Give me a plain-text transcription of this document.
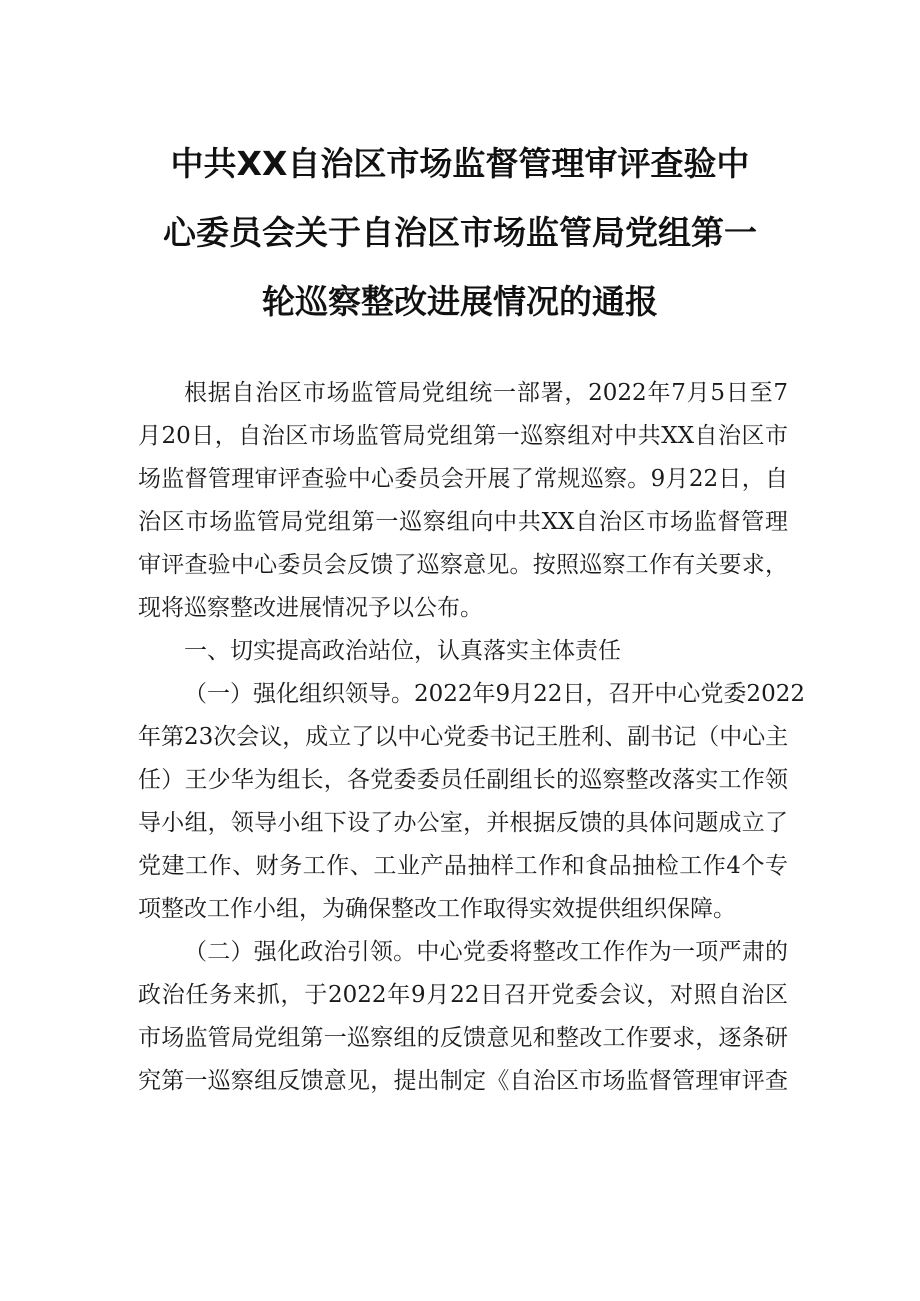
中共XX自治区市场监督管理审评查验中
心委员会关于自治区市场监管局党组第一
轮巡察整改进展情况的通报
根据自治区市场监管局党组统一部署，2022年7月5日至7
月20日，自治区市场监管局党组第一巡察组对中共XX自治区市
场监督管理审评查验中心委员会开展了常规巡察。9月22日，自
治区市场监管局党组第一巡察组向中共XX自治区市场监督管理
审评查验中心委员会反馈了巡察意见。按照巡察工作有关要求，
现将巡察整改进展情况予以公布。
一、切实提高政治站位，认真落实主体责任
（一）强化组织领导。2022年9月22日，召开中心党委2022
年第23次会议，成立了以中心党委书记王胜利、副书记（中心主
任）王少华为组长，各党委委员任副组长的巡察整改落实工作领
导小组，领导小组下设了办公室，并根据反馈的具体问题成立了
党建工作、财务工作、工业产品抽样工作和食品抽检工作4个专
项整改工作小组，为确保整改工作取得实效提供组织保障。
（二）强化政治引领。中心党委将整改工作作为一项严肃的
政治任务来抓，于2022年9月22日召开党委会议，对照自治区
市场监管局党组第一巡察组的反馈意见和整改工作要求，逐条研
究第一巡察组反馈意见，提出制定《自治区市场监督管理审评查
